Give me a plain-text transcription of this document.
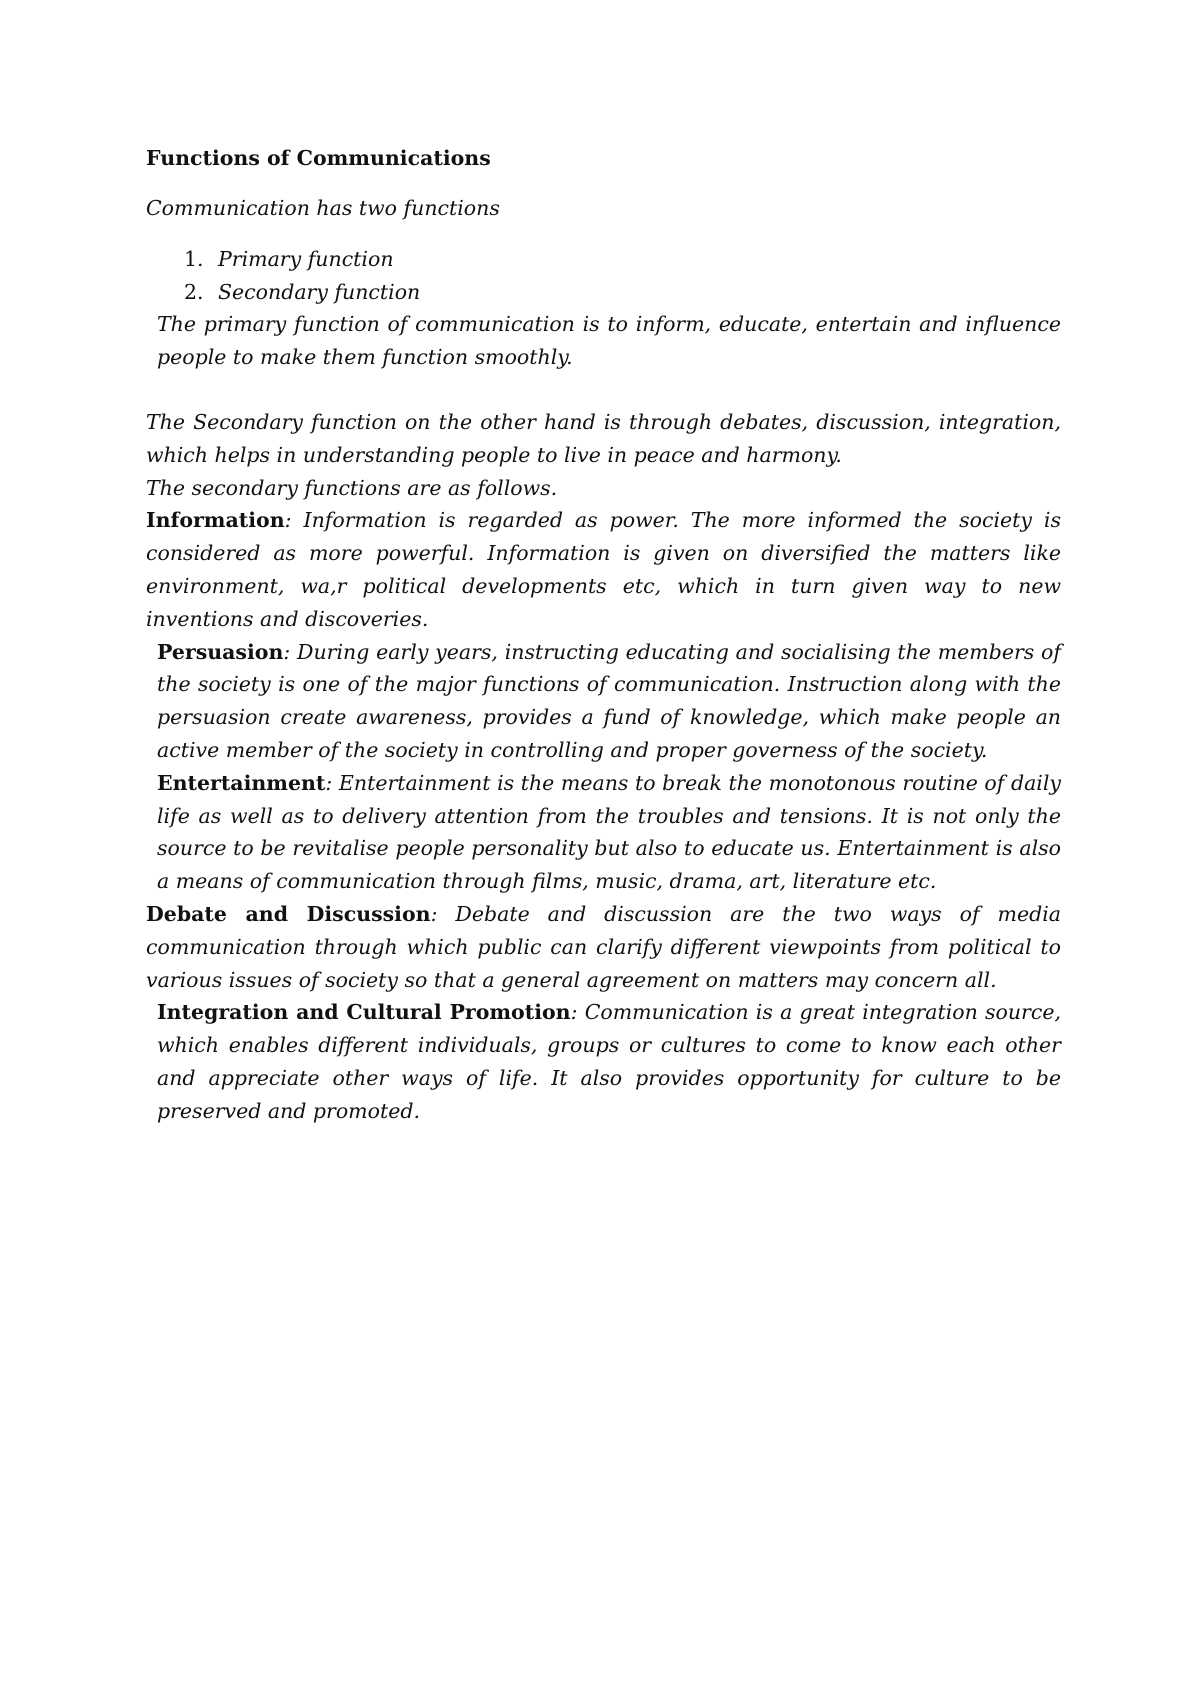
Functions of Communications
Communication has two functions
1. Primary function
2. Secondary function

The primary function of communication is to inform, educate, entertain and influence people to make them function smoothly.

The Secondary function on the other hand is through debates, discussion, integration, which helps in understanding people to live in peace and harmony.

The secondary functions are as follows.

Information: Information is regarded as power. The more informed the society is considered as more powerful. Information is given on diversified the matters like environment, wa,r political developments etc, which in turn given way to new inventions and discoveries.

Persuasion: During early years, instructing educating and socialising the members of the society is one of the major functions of communication. Instruction along with the persuasion create awareness, provides a fund of knowledge, which make people an active member of the society in controlling and proper governess of the society.

Entertainment: Entertainment is the means to break the monotonous routine of daily life as well as to delivery attention from the troubles and tensions. It is not only the source to be revitalise people personality but also to educate us. Entertainment is also a means of communication through films, music, drama, art, literature etc.

Debate and Discussion: Debate and discussion are the two ways of media communication through which public can clarify different viewpoints from political to various issues of society so that a general agreement on matters may concern all.

Integration and Cultural Promotion: Communication is a great integration source, which enables different individuals, groups or cultures to come to know each other and appreciate other ways of life. It also provides opportunity for culture to be preserved and promoted.
